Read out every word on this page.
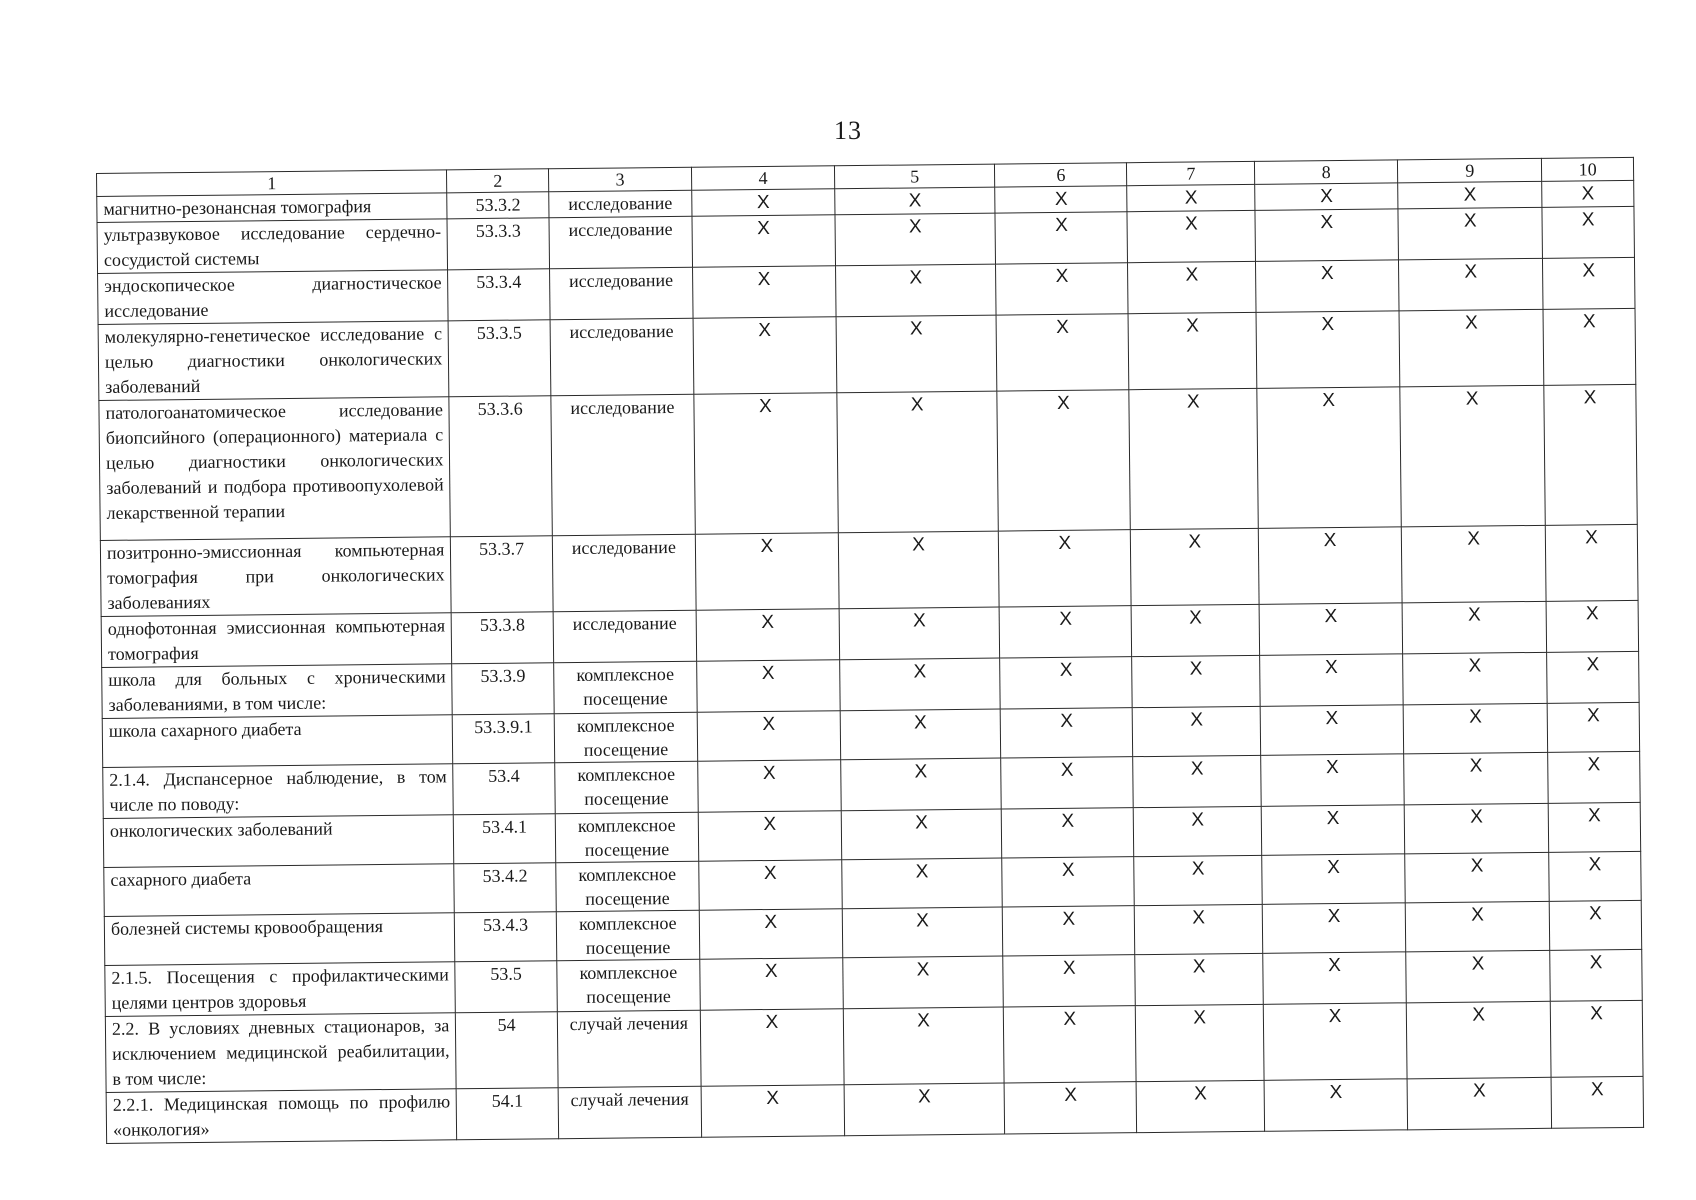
13
1	2	3	4	5	6	7	8	9	10
магнитно-резонансная томография	53.3.2	исследование	X	X	X	X	X	X	X
ультразвуковое исследование сердечно-сосудистой системы	53.3.3	исследование	X	X	X	X	X	X	X
эндоскопическое диагностическое исследование	53.3.4	исследование	X	X	X	X	X	X	X
молекулярно-генетическое исследование с целью диагностики онкологических заболеваний	53.3.5	исследование	X	X	X	X	X	X	X
патологоанатомическое исследование биопсийного (операционного) материала с целью диагностики онкологических заболеваний и подбора противоопухолевой лекарственной терапии	53.3.6	исследование	X	X	X	X	X	X	X
позитронно-эмиссионная компьютерная томография при онкологических заболеваниях	53.3.7	исследование	X	X	X	X	X	X	X
однофотонная эмиссионная компьютерная томография	53.3.8	исследование	X	X	X	X	X	X	X
школа для больных с хроническими заболеваниями, в том числе:	53.3.9	комплексное посещение	X	X	X	X	X	X	X
школа сахарного диабета	53.3.9.1	комплексное посещение	X	X	X	X	X	X	X
2.1.4. Диспансерное наблюдение, в том числе по поводу:	53.4	комплексное посещение	X	X	X	X	X	X	X
онкологических заболеваний	53.4.1	комплексное посещение	X	X	X	X	X	X	X
сахарного диабета	53.4.2	комплексное посещение	X	X	X	X	X	X	X
болезней системы кровообращения	53.4.3	комплексное посещение	X	X	X	X	X	X	X
2.1.5. Посещения с профилактическими целями центров здоровья	53.5	комплексное посещение	X	X	X	X	X	X	X
2.2. В условиях дневных стационаров, за исключением медицинской реабилитации, в том числе:	54	случай лечения	X	X	X	X	X	X	X
2.2.1. Медицинская помощь по профилю «онкология»	54.1	случай лечения	X	X	X	X	X	X	X
